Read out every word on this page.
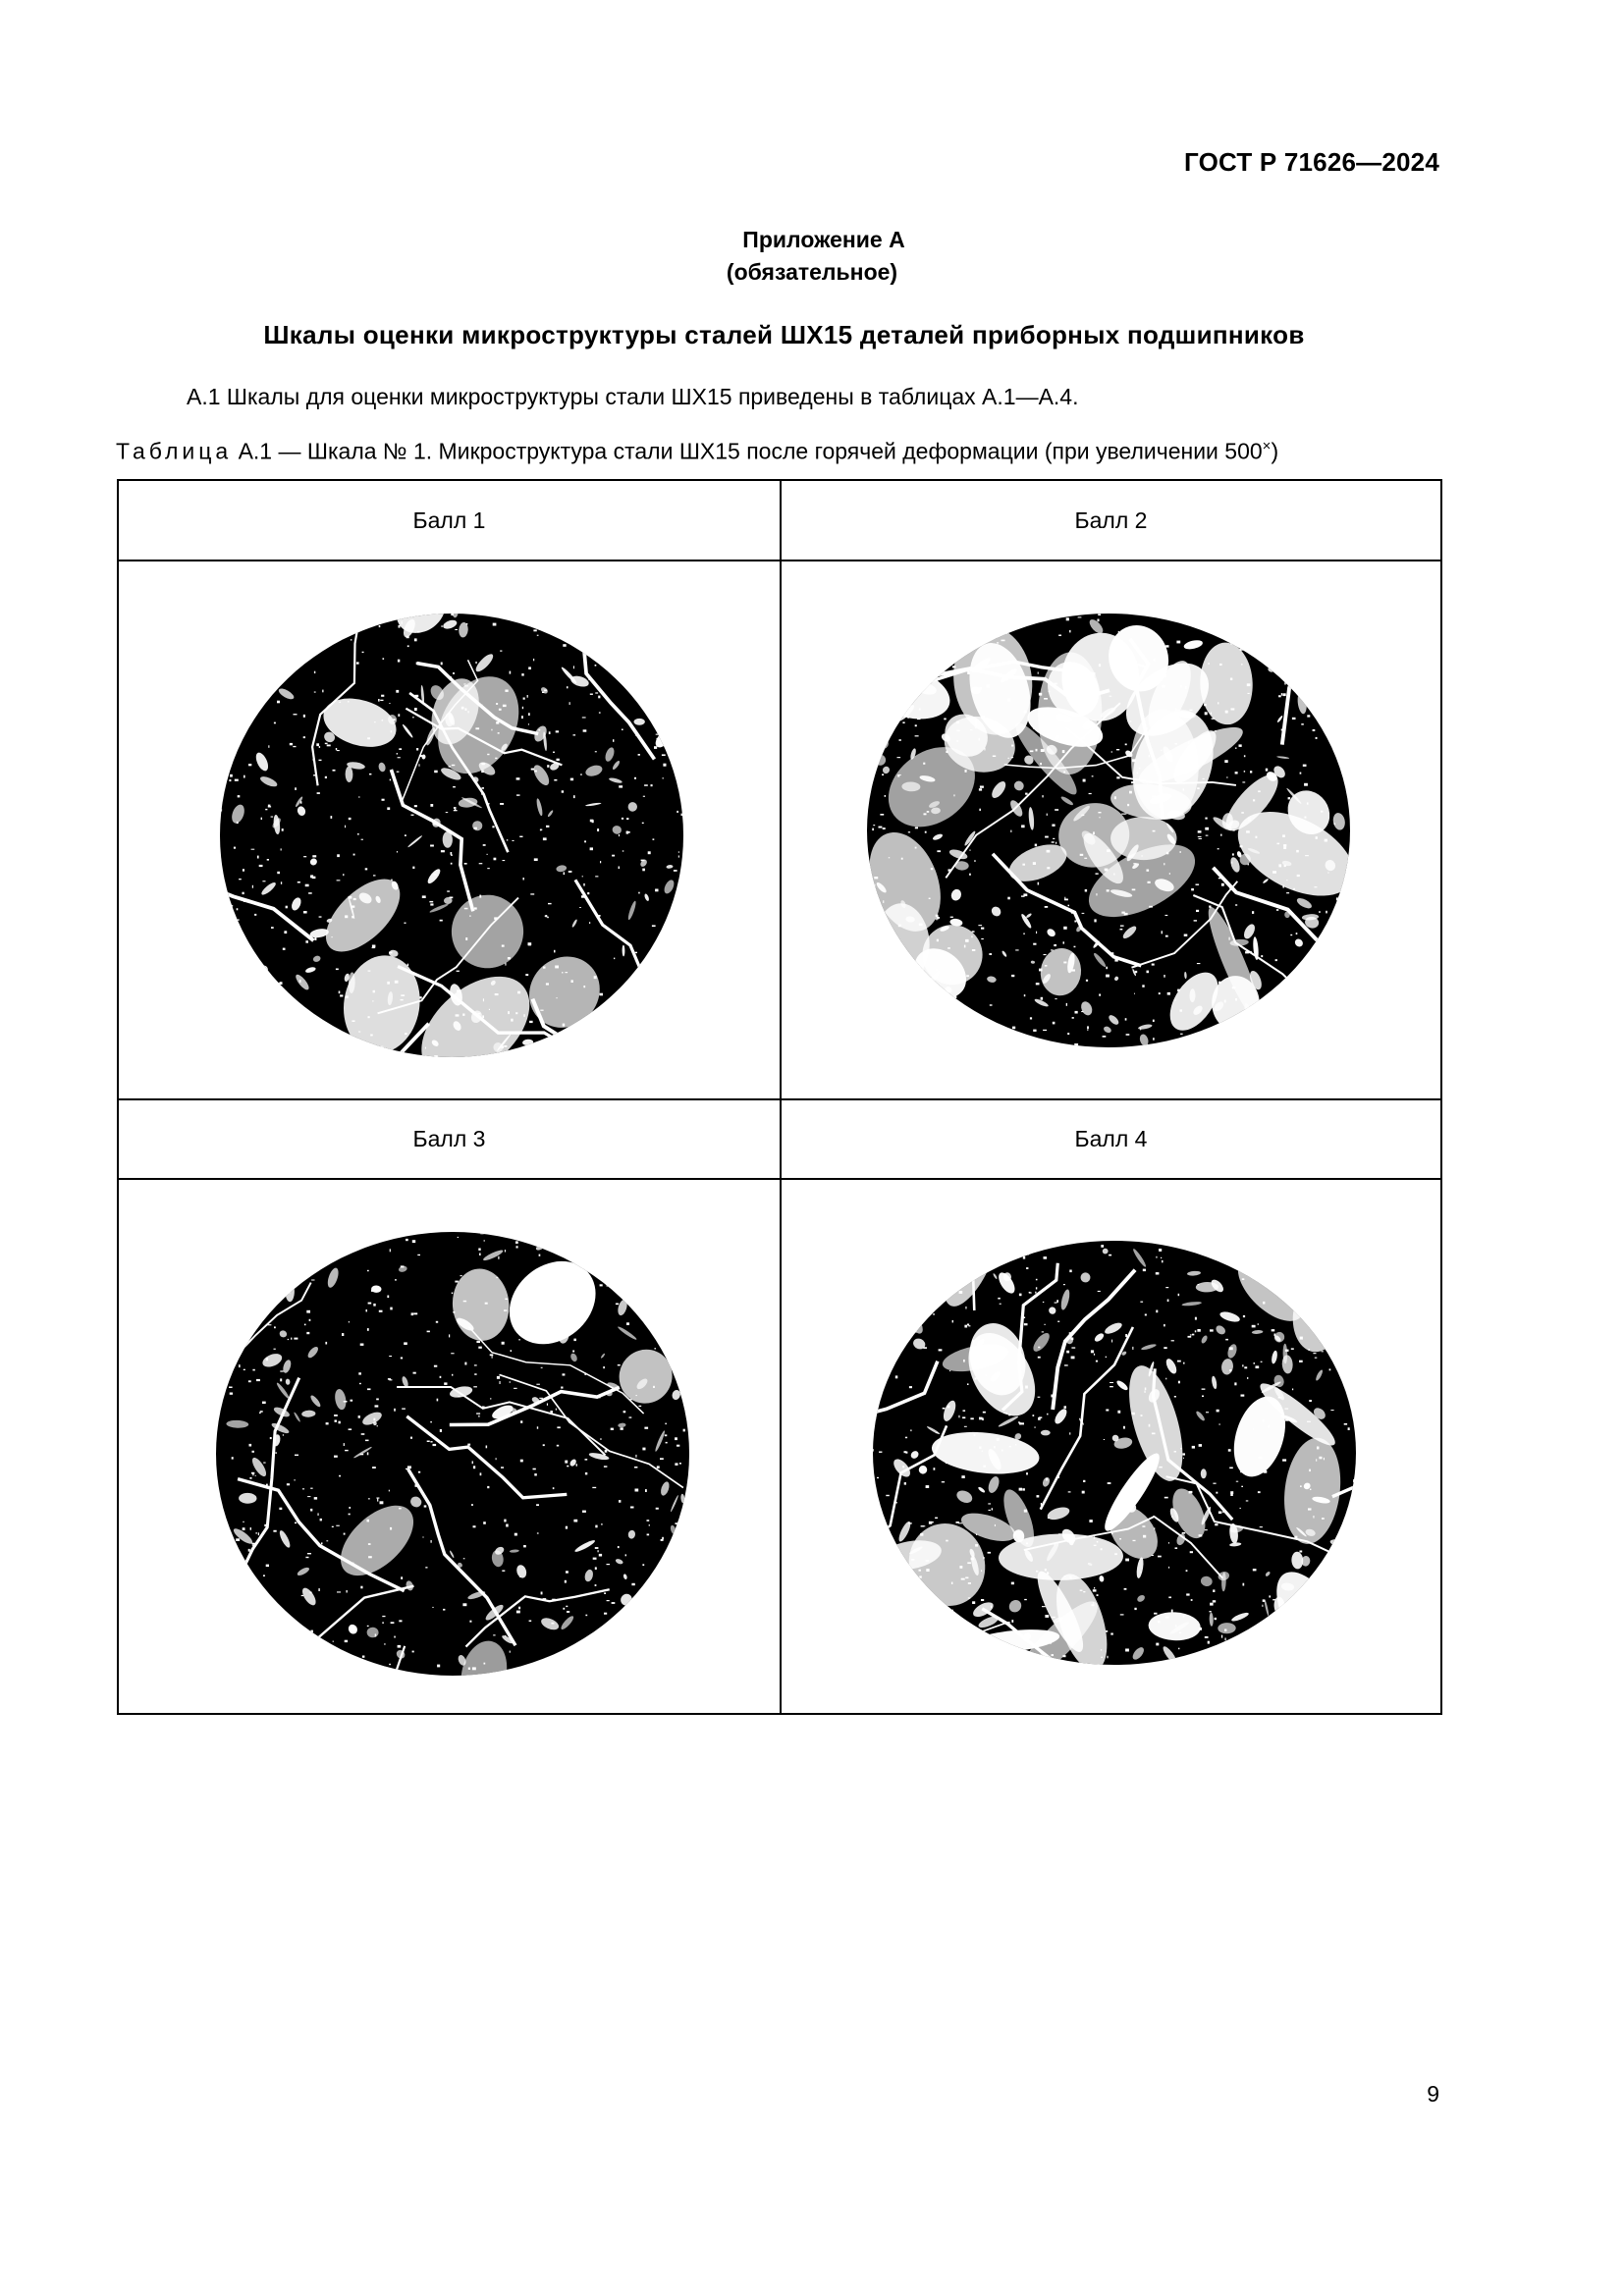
ГОСТ Р 71626—2024
Приложение А
(обязательное)
Шкалы оценки микроструктуры сталей ШХ15 деталей приборных подшипников
А.1 Шкалы для оценки микроструктуры стали ШХ15 приведены в таблицах А.1—А.4.
Таблица А.1 — Шкала № 1. Микроструктура стали ШХ15 после горячей деформации (при увеличении 500×)
Балл 1	Балл 2
Балл 3	Балл 4
9
